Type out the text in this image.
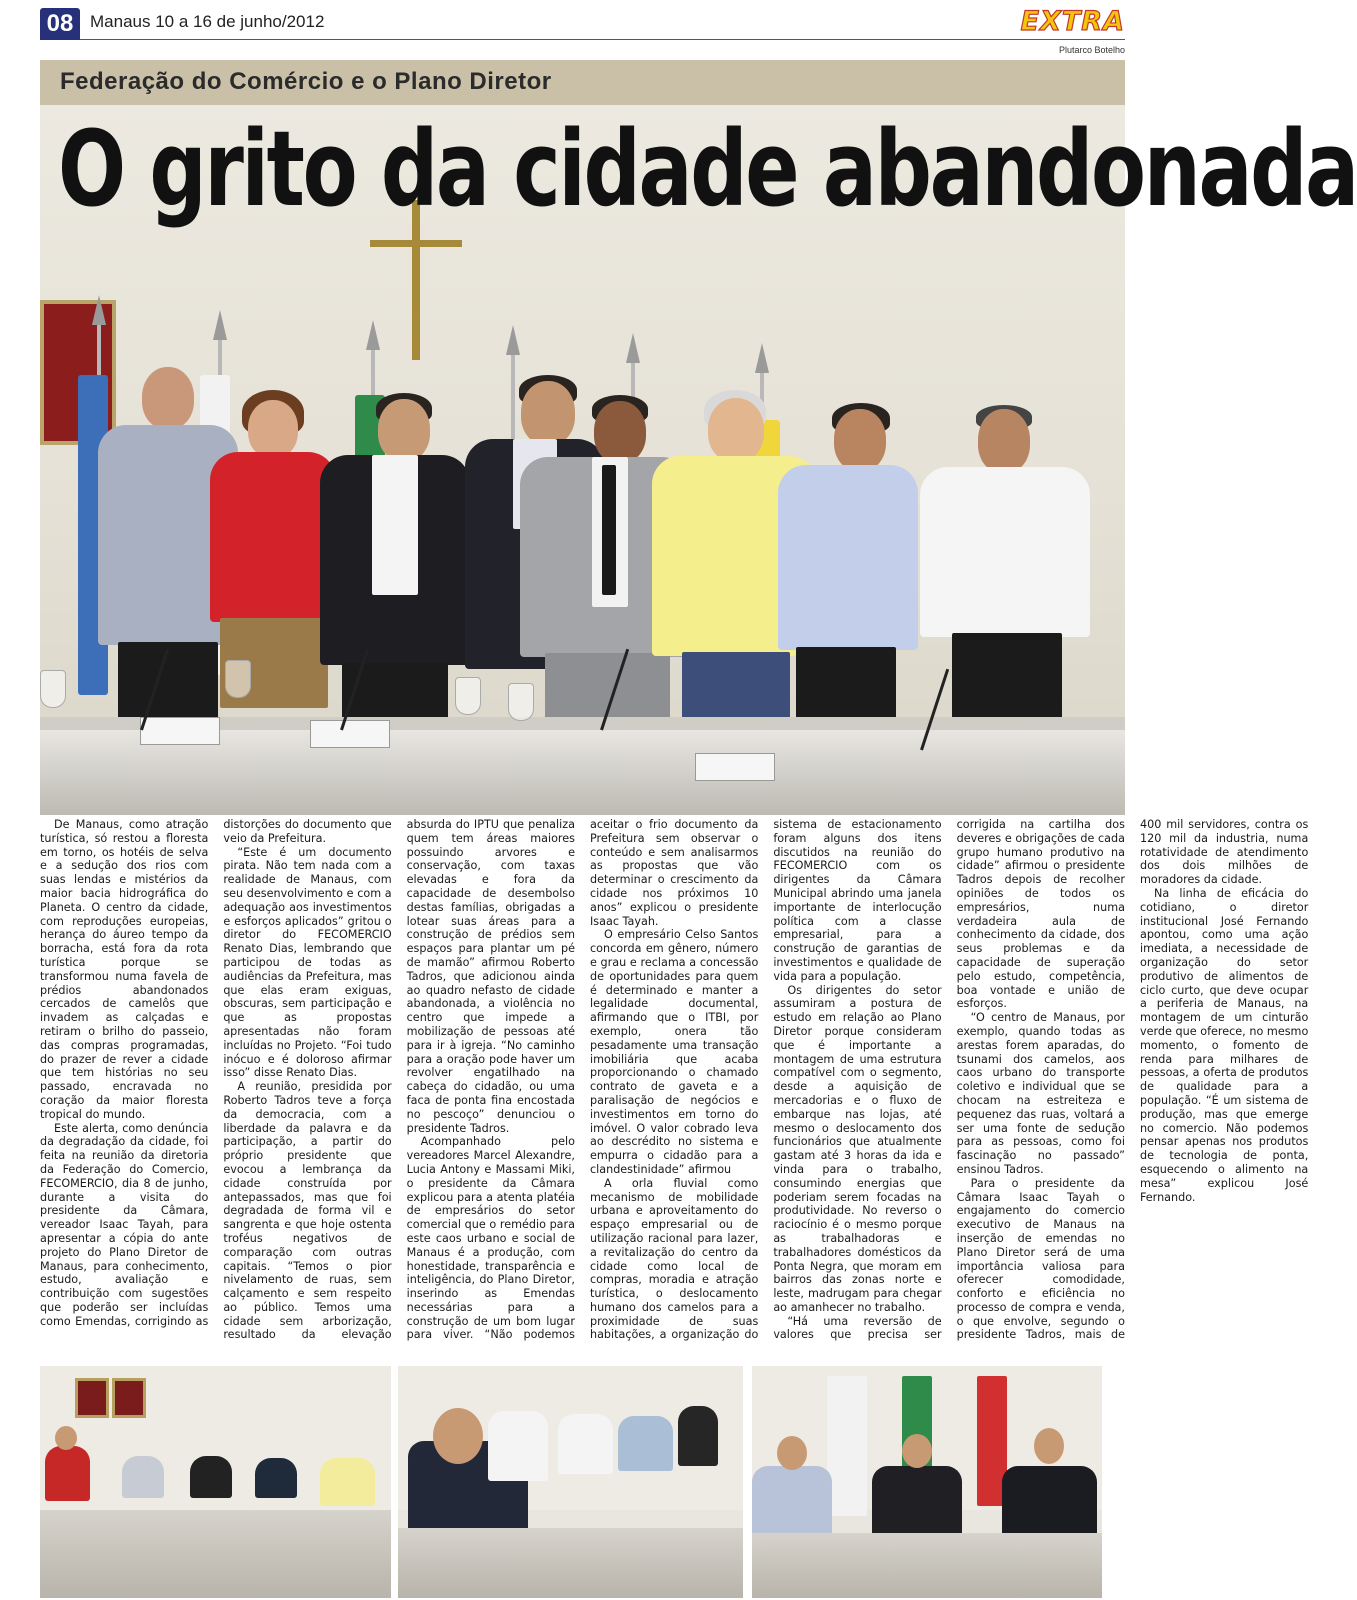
08 Manaus 10 a 16 de junho/2012	EXTRA
Plutarco Botelho
Federação do Comércio e o Plano Diretor
O grito da cidade abandonada

De Manaus, como atração turística, só restou a floresta em torno, os hotéis de selva e a sedução dos rios com suas lendas e mistérios da maior bacia hidrográfica do Planeta. O centro da cidade, com reproduções europeias, herança do áureo tempo da borracha, está fora da rota turística porque se transformou numa favela de prédios abandonados cercados de camelôs que invadem as calçadas e retiram o brilho do passeio, das compras programadas, do prazer de rever a cidade que tem histórias no seu passado, encravada no coração da maior floresta tropical do mundo.

Este alerta, como denúncia da degradação da cidade, foi feita na reunião da diretoria da Federação do Comercio, FECOMERCIO, dia 8 de junho, durante a visita do presidente da Câmara, vereador Isaac Tayah, para apresentar a cópia do ante projeto do Plano Diretor de Manaus, para conhecimento, estudo, avaliação e contribuição com sugestões que poderão ser incluídas como Emendas, corrigindo as distorções do documento que veio da Prefeitura.

“Este é um documento pirata. Não tem nada com a realidade de Manaus, com seu desenvolvimento e com a adequação aos investimentos e esforços aplicados” gritou o diretor do FECOMERCIO Renato Dias, lembrando que participou de todas as audiências da Prefeitura, mas que elas eram exiguas, obscuras, sem participação e que as propostas apresentadas não foram incluídas no Projeto. “Foi tudo inócuo e é doloroso afirmar isso” disse Renato Dias.

A reunião, presidida por Roberto Tadros teve a força da democracia, com a liberdade da palavra e da participação, a partir do próprio presidente que evocou a lembrança da cidade construída por antepassados, mas que foi degradada de forma vil e sangrenta e que hoje ostenta troféus negativos de comparação com outras capitais. “Temos o pior nivelamento de ruas, sem calçamento e sem respeito ao público. Temos uma cidade sem arborização, resultado da elevação absurda do IPTU que penaliza quem tem áreas maiores possuindo arvores e conservação, com taxas elevadas e fora da capacidade de desembolso destas famílias, obrigadas a lotear suas áreas para a construção de prédios sem espaços para plantar um pé de mamão” afirmou Roberto Tadros, que adicionou ainda ao quadro nefasto de cidade abandonada, a violência no centro que impede a mobilização de pessoas até para ir à igreja. “No caminho para a oração pode haver um revolver engatilhado na cabeça do cidadão, ou uma faca de ponta fina encostada no pescoço” denunciou o presidente Tadros.

Acompanhado pelo vereadores Marcel Alexandre, Lucia Antony e Massami Miki, o presidente da Câmara explicou para a atenta platéia de empresários do setor comercial que o remédio para este caos urbano e social de Manaus é a produção, com honestidade, transparência e inteligência, do Plano Diretor, inserindo as Emendas necessárias para a construção de um bom lugar para viver. “Não podemos aceitar o frio documento da Prefeitura sem observar o conteúdo e sem analisarmos as propostas que vão determinar o crescimento da cidade nos próximos 10 anos” explicou o presidente Isaac Tayah.

O empresário Celso Santos concorda em gênero, número e grau e reclama a concessão de oportunidades para quem é determinado e manter a legalidade documental, afirmando que o ITBI, por exemplo, onera tão pesadamente uma transação imobiliária que acaba proporcionando o chamado contrato de gaveta e a paralisação de negócios e investimentos em torno do imóvel. O valor cobrado leva ao descrédito no sistema e empurra o cidadão para a clandestinidade” afirmou

A orla fluvial como mecanismo de mobilidade urbana e aproveitamento do espaço empresarial ou de utilização racional para lazer, a revitalização do centro da cidade como local de compras, moradia e atração turística, o deslocamento humano dos camelos para a proximidade de suas habitações, a organização do sistema de estacionamento foram alguns dos itens discutidos na reunião do FECOMERCIO com os dirigentes da Câmara Municipal abrindo uma janela importante de interlocução política com a classe empresarial, para a construção de garantias de investimentos e qualidade de vida para a população.

Os dirigentes do setor assumiram a postura de estudo em relação ao Plano Diretor porque consideram que é importante a montagem de uma estrutura compatível com o segmento, desde a aquisição de mercadorias e o fluxo de embarque nas lojas, até mesmo o deslocamento dos funcionários que atualmente gastam até 3 horas da ida e vinda para o trabalho, consumindo energias que poderiam serem focadas na produtividade. No reverso o raciocínio é o mesmo porque as trabalhadoras e trabalhadores domésticos da Ponta Negra, que moram em bairros das zonas norte e leste, madrugam para chegar ao amanhecer no trabalho.

“Há uma reversão de valores que precisa ser corrigida na cartilha dos deveres e obrigações de cada grupo humano produtivo na cidade” afirmou o presidente Tadros depois de recolher opiniões de todos os empresários, numa verdadeira aula de conhecimento da cidade, dos seus problemas e da capacidade de superação pelo estudo, competência, boa vontade e união de esforços.

“O centro de Manaus, por exemplo, quando todas as arestas forem aparadas, do tsunami dos camelos, aos caos urbano do transporte coletivo e individual que se chocam na estreiteza e pequenez das ruas, voltará a ser uma fonte de sedução para as pessoas, como foi fascinação no passado” ensinou Tadros.

Para o presidente da Câmara Isaac Tayah o engajamento do comercio executivo de Manaus na inserção de emendas no Plano Diretor será de uma importância valiosa para oferecer comodidade, conforto e eficiência no processo de compra e venda, o que envolve, segundo o presidente Tadros, mais de 400 mil servidores, contra os 120 mil da industria, numa rotatividade de atendimento dos dois milhões de moradores da cidade.

Na linha de eficácia do cotidiano, o diretor institucional José Fernando apontou, como uma ação imediata, a necessidade de organização do setor produtivo de alimentos de ciclo curto, que deve ocupar a periferia de Manaus, na montagem de um cinturão verde que oferece, no mesmo momento, o fomento de renda para milhares de pessoas, a oferta de produtos de qualidade para a população. “É um sistema de produção, mas que emerge no comercio. Não podemos pensar apenas nos produtos de tecnologia de ponta, esquecendo o alimento na mesa” explicou José Fernando.
